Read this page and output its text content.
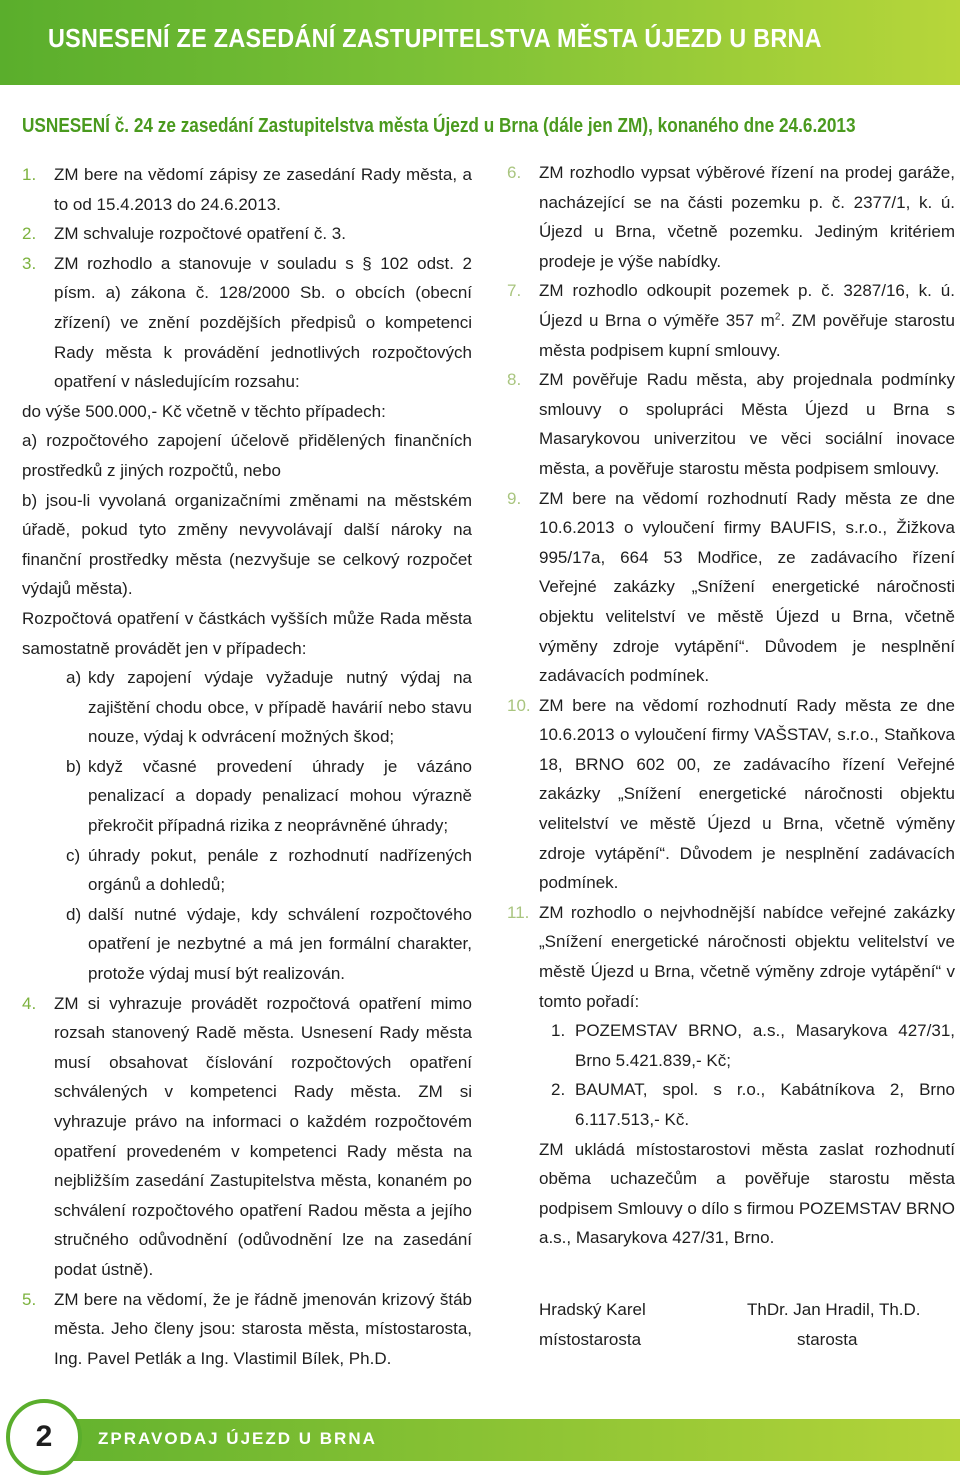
USNESENÍ ZE ZASEDÁNÍ ZASTUPITELSTVA MĚSTA ÚJEZD U BRNA
USNESENÍ č. 24 ze zasedání Zastupitelstva města Újezd u Brna (dále jen ZM), konaného dne 24.6.2013
1. ZM bere na vědomí zápisy ze zasedání Rady města, a to od 15.4.2013 do 24.6.2013.

2. ZM schvaluje rozpočtové opatření č. 3.

3. ZM rozhodlo a stanovuje v souladu s § 102 odst. 2 písm. a) zákona č. 128/2000 Sb. o obcích (obecní zřízení) ve znění pozdějších předpisů o kompetenci Rady města k provádění jednotlivých rozpočtových opatření v následujícím rozsahu:

do výše 500.000,- Kč včetně v těchto případech:

a) rozpočtového zapojení účelově přidělených finančních prostředků z jiných rozpočtů, nebo

b) jsou-li vyvolaná organizačními změnami na městském úřadě, pokud tyto změny nevyvolávají další nároky na finanční prostředky města (nezvyšuje se celkový rozpočet výdajů města).

Rozpočtová opatření v částkách vyšších může Rada města samostatně provádět jen v případech:

a) kdy zapojení výdaje vyžaduje nutný výdaj na zajištění chodu obce, v případě havárií nebo stavu nouze, výdaj k odvrácení možných škod;

b) když včasné provedení úhrady je vázáno penalizací a dopady penalizací mohou výrazně překročit případná rizika z neoprávněné úhrady;

c) úhrady pokut, penále z rozhodnutí nadřízených orgánů a dohledů;

d) další nutné výdaje, kdy schválení rozpočtového opatření je nezbytné a má jen formální charakter, protože výdaj musí být realizován.

4. ZM si vyhrazuje provádět rozpočtová opatření mimo rozsah stanovený Radě města. Usnesení Rady města musí obsahovat číslování rozpočtových opatření schválených v kompetenci Rady města. ZM si vyhrazuje právo na informaci o každém rozpočtovém opatření provedeném v kompetenci Rady města na nejbližším zasedání Zastupitelstva města, konaném po schválení rozpočtového opatření Radou města a jejího stručného odůvodnění (odůvodnění lze na zasedání podat ústně).

5. ZM bere na vědomí, že je řádně jmenován krizový štáb města. Jeho členy jsou: starosta města, místostarosta, Ing. Pavel Petlák a Ing. Vlastimil Bílek, Ph.D.

6. ZM rozhodlo vypsat výběrové řízení na prodej garáže, nacházející se na části pozemku p. č. 2377/1, k. ú. Újezd u Brna, včetně pozemku. Jediným kritériem prodeje je výše nabídky.

7. ZM rozhodlo odkoupit pozemek p. č. 3287/16, k. ú. Újezd u Brna o výměře 357 $m^2$. ZM pověřuje starostu města podpisem kupní smlouvy.

8. ZM pověřuje Radu města, aby projednala podmínky smlouvy o spolupráci Města Újezd u Brna s Masarykovou univerzitou ve věci sociální inovace města, a pověřuje starostu města podpisem smlouvy.

9. ZM bere na vědomí rozhodnutí Rady města ze dne 10.6.2013 o vyloučení firmy BAUFIS, s.r.o., Žižkova 995/17a, 664 53 Modřice, ze zadávacího řízení Veřejné zakázky „Snížení energetické náročnosti objektu velitelství ve městě Újezd u Brna, včetně výměny zdroje vytápění“. Důvodem je nesplnění zadávacích podmínek.

10. ZM bere na vědomí rozhodnutí Rady města ze dne 10.6.2013 o vyloučení firmy VAŠSTAV, s.r.o., Staňkova 18, BRNO 602 00, ze zadávacího řízení Veřejné zakázky „Snížení energetické náročnosti objektu velitelství ve městě Újezd u Brna, včetně výměny zdroje vytápění“. Důvodem je nesplnění zadávacích podmínek.

11. ZM rozhodlo o nejvhodnější nabídce veřejné zakázky „Snížení energetické náročnosti objektu velitelství ve městě Újezd u Brna, včetně výměny zdroje vytápění“ v tomto pořadí:

1. POZEMSTAV BRNO, a.s., Masarykova 427/31, Brno 5.421.839,- Kč;

2. BAUMAT, spol. s r.o., Kabátníkova 2, Brno 6.117.513,- Kč.

ZM ukládá místostarostovi města zaslat rozhodnutí oběma uchazečům a pověřuje starostu města podpisem Smlouvy o dílo s firmou POZEMSTAV BRNO a.s., Masarykova 427/31, Brno.

Hradský Karel
místostarosta
ThDr. Jan Hradil, Th.D.
starosta

ZPRAVODAJ ÚJEZD U BRNA

2
